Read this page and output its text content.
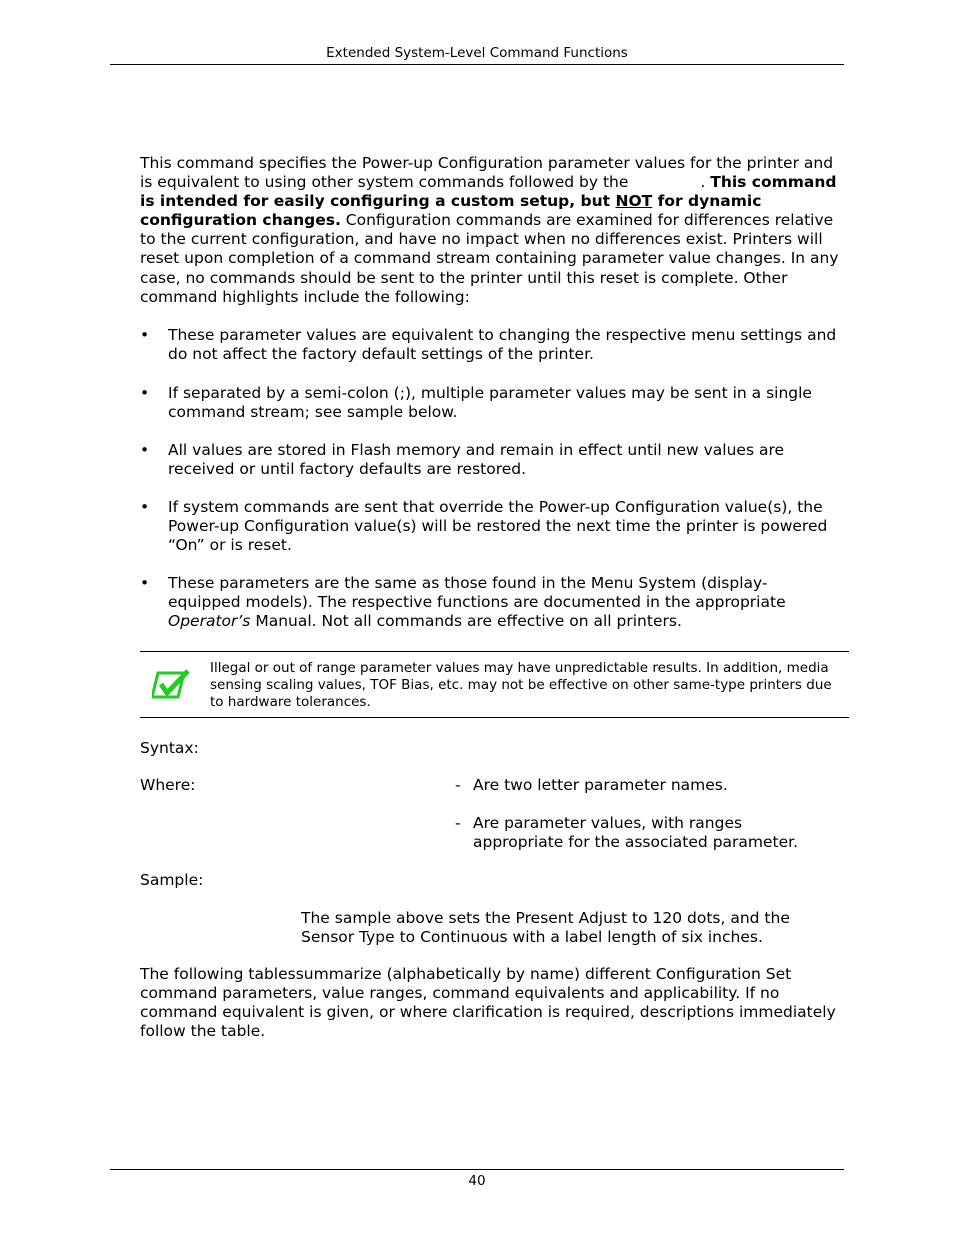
Extended System-Level Command Functions
This command specifies the Power-up Configuration parameter values for the printer and is equivalent to using other system commands followed by the	. This command is intended for easily configuring a custom setup, but NOT for dynamic configuration changes. Configuration commands are examined for differences relative to the current configuration, and have no impact when no differences exist. Printers will reset upon completion of a command stream containing parameter value changes. In any case, no commands should be sent to the printer until this reset is complete. Other command highlights include the following:
• These parameter values are equivalent to changing the respective menu settings and do not affect the factory default settings of the printer.
• If separated by a semi-colon (;), multiple parameter values may be sent in a single command stream; see sample below.
• All values are stored in Flash memory and remain in effect until new values are received or until factory defaults are restored.
• If system commands are sent that override the Power-up Configuration value(s), the Power-up Configuration value(s) will be restored the next time the printer is powered “On” or is reset.
• These parameters are the same as those found in the Menu System (display-equipped models). The respective functions are documented in the appropriate Operator’s Manual. Not all commands are effective on all printers.
Illegal or out of range parameter values may have unpredictable results. In addition, media sensing scaling values, TOF Bias, etc. may not be effective on other same-type printers due to hardware tolerances.
Syntax:
Where:	- Are two letter parameter names.
- Are parameter values, with ranges appropriate for the associated parameter.
Sample:
The sample above sets the Present Adjust to 120 dots, and the Sensor Type to Continuous with a label length of six inches.
The following tablessummarize (alphabetically by name) different Configuration Set command parameters, value ranges, command equivalents and applicability. If no command equivalent is given, or where clarification is required, descriptions immediately follow the table.
40
